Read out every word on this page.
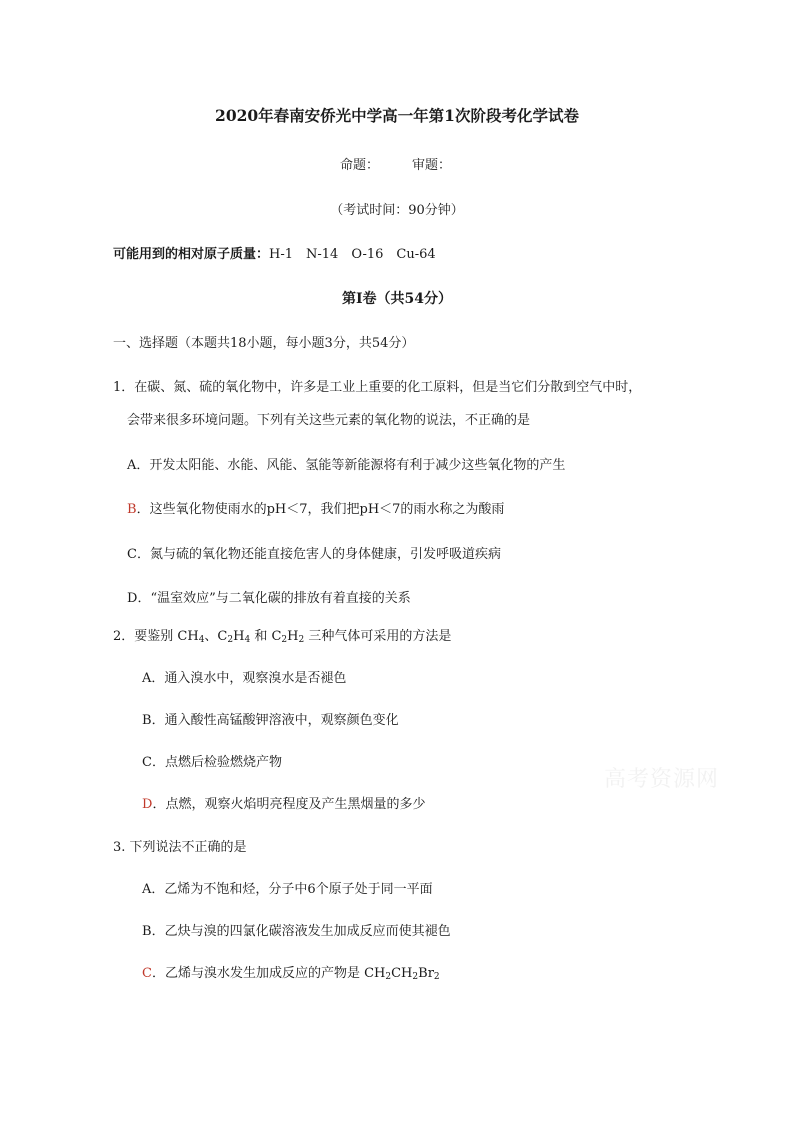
2020年春南安侨光中学高一年第1次阶段考化学试卷
命题：	审题：
（考试时间：90分钟）
可能用到的相对原子质量：H-1　N-14　O-16　Cu-64
第I卷（共54分）
一、选择题（本题共18小题，每小题3分，共54分）
1．在碳、氮、硫的氧化物中，许多是工业上重要的化工原料，但是当它们分散到空气中时，
会带来很多环境问题。下列有关这些元素的氧化物的说法，不正确的是
A．开发太阳能、水能、风能、氢能等新能源将有利于减少这些氧化物的产生
B．这些氧化物使雨水的pH＜7，我们把pH＜7的雨水称之为酸雨
C．氮与硫的氧化物还能直接危害人的身体健康，引发呼吸道疾病
D．“温室效应”与二氧化碳的排放有着直接的关系
2．要鉴别 $CH_4$、$C_2H_4$ 和 $C_2H_2$ 三种气体可采用的方法是
A．通入溴水中，观察溴水是否褪色
B．通入酸性高锰酸钾溶液中，观察颜色变化
C．点燃后检验燃烧产物
D．点燃，观察火焰明亮程度及产生黑烟量的多少
3. 下列说法不正确的是
A．乙烯为不饱和烃，分子中6个原子处于同一平面
B．乙炔与溴的四氯化碳溶液发生加成反应而使其褪色
C．乙烯与溴水发生加成反应的产物是 $CH_2CH_2Br_2$
高考资源网
